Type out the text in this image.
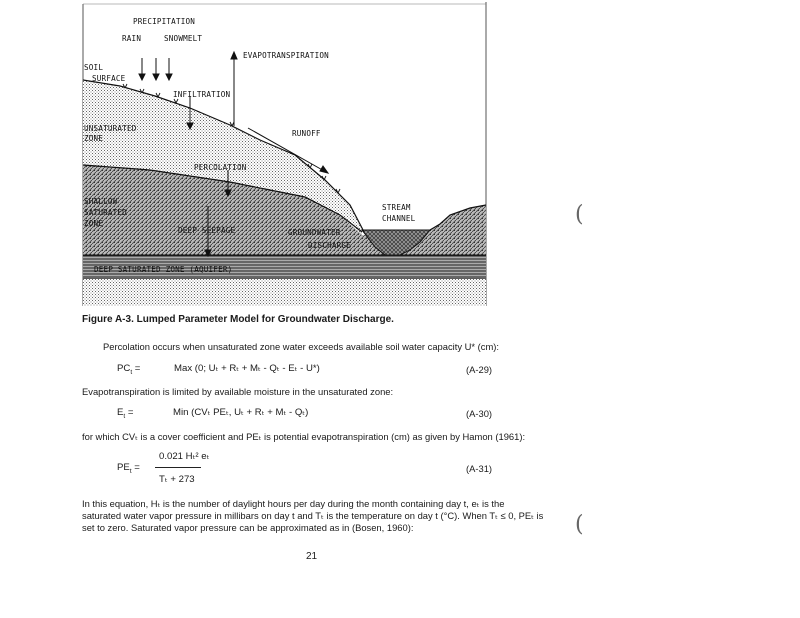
PRECIPITATION
RAIN	SNOWMELT
EVAPOTRANSPIRATION
SOIL
SURFACE
INFILTRATION
UNSATURATED
ZONE
RUNOFF
PERCOLATION
SHALLOW
SATURATED
ZONE
STREAM
CHANNEL
DEEP SEEPAGE	GROUNDWATER
DISCHARGE
DEEP SATURATED ZONE (AQUIFER)
Figure A-3. Lumped Parameter Model for Groundwater Discharge.
Percolation occurs when unsaturated zone water exceeds available soil water capacity U* (cm):
$PC_t$ =	Max (0; Uₜ + Rₜ + Mₜ - Qₜ - Eₜ - U*)	(A-29)
Evapotranspiration is limited by available moisture in the unsaturated zone:
$E_t$ =	Min (CVₜ PEₜ, Uₜ + Rₜ + Mₜ - Qₜ)	(A-30)
for which CVₜ is a cover coefficient and PEₜ is potential evapotranspiration (cm) as given by Hamon (1961):
$PE_t$ =
0.021 Hₜ² eₜ
Tₜ + 273
(A-31)
In this equation, Hₜ is the number of daylight hours per day during the month containing day t, eₜ is the
saturated water vapor pressure in millibars on day t and Tₜ is the temperature on day t (°C). When Tₜ ≤ 0, PEₜ is
set to zero. Saturated vapor pressure can be approximated as in (Bosen, 1960):
21
(
(
